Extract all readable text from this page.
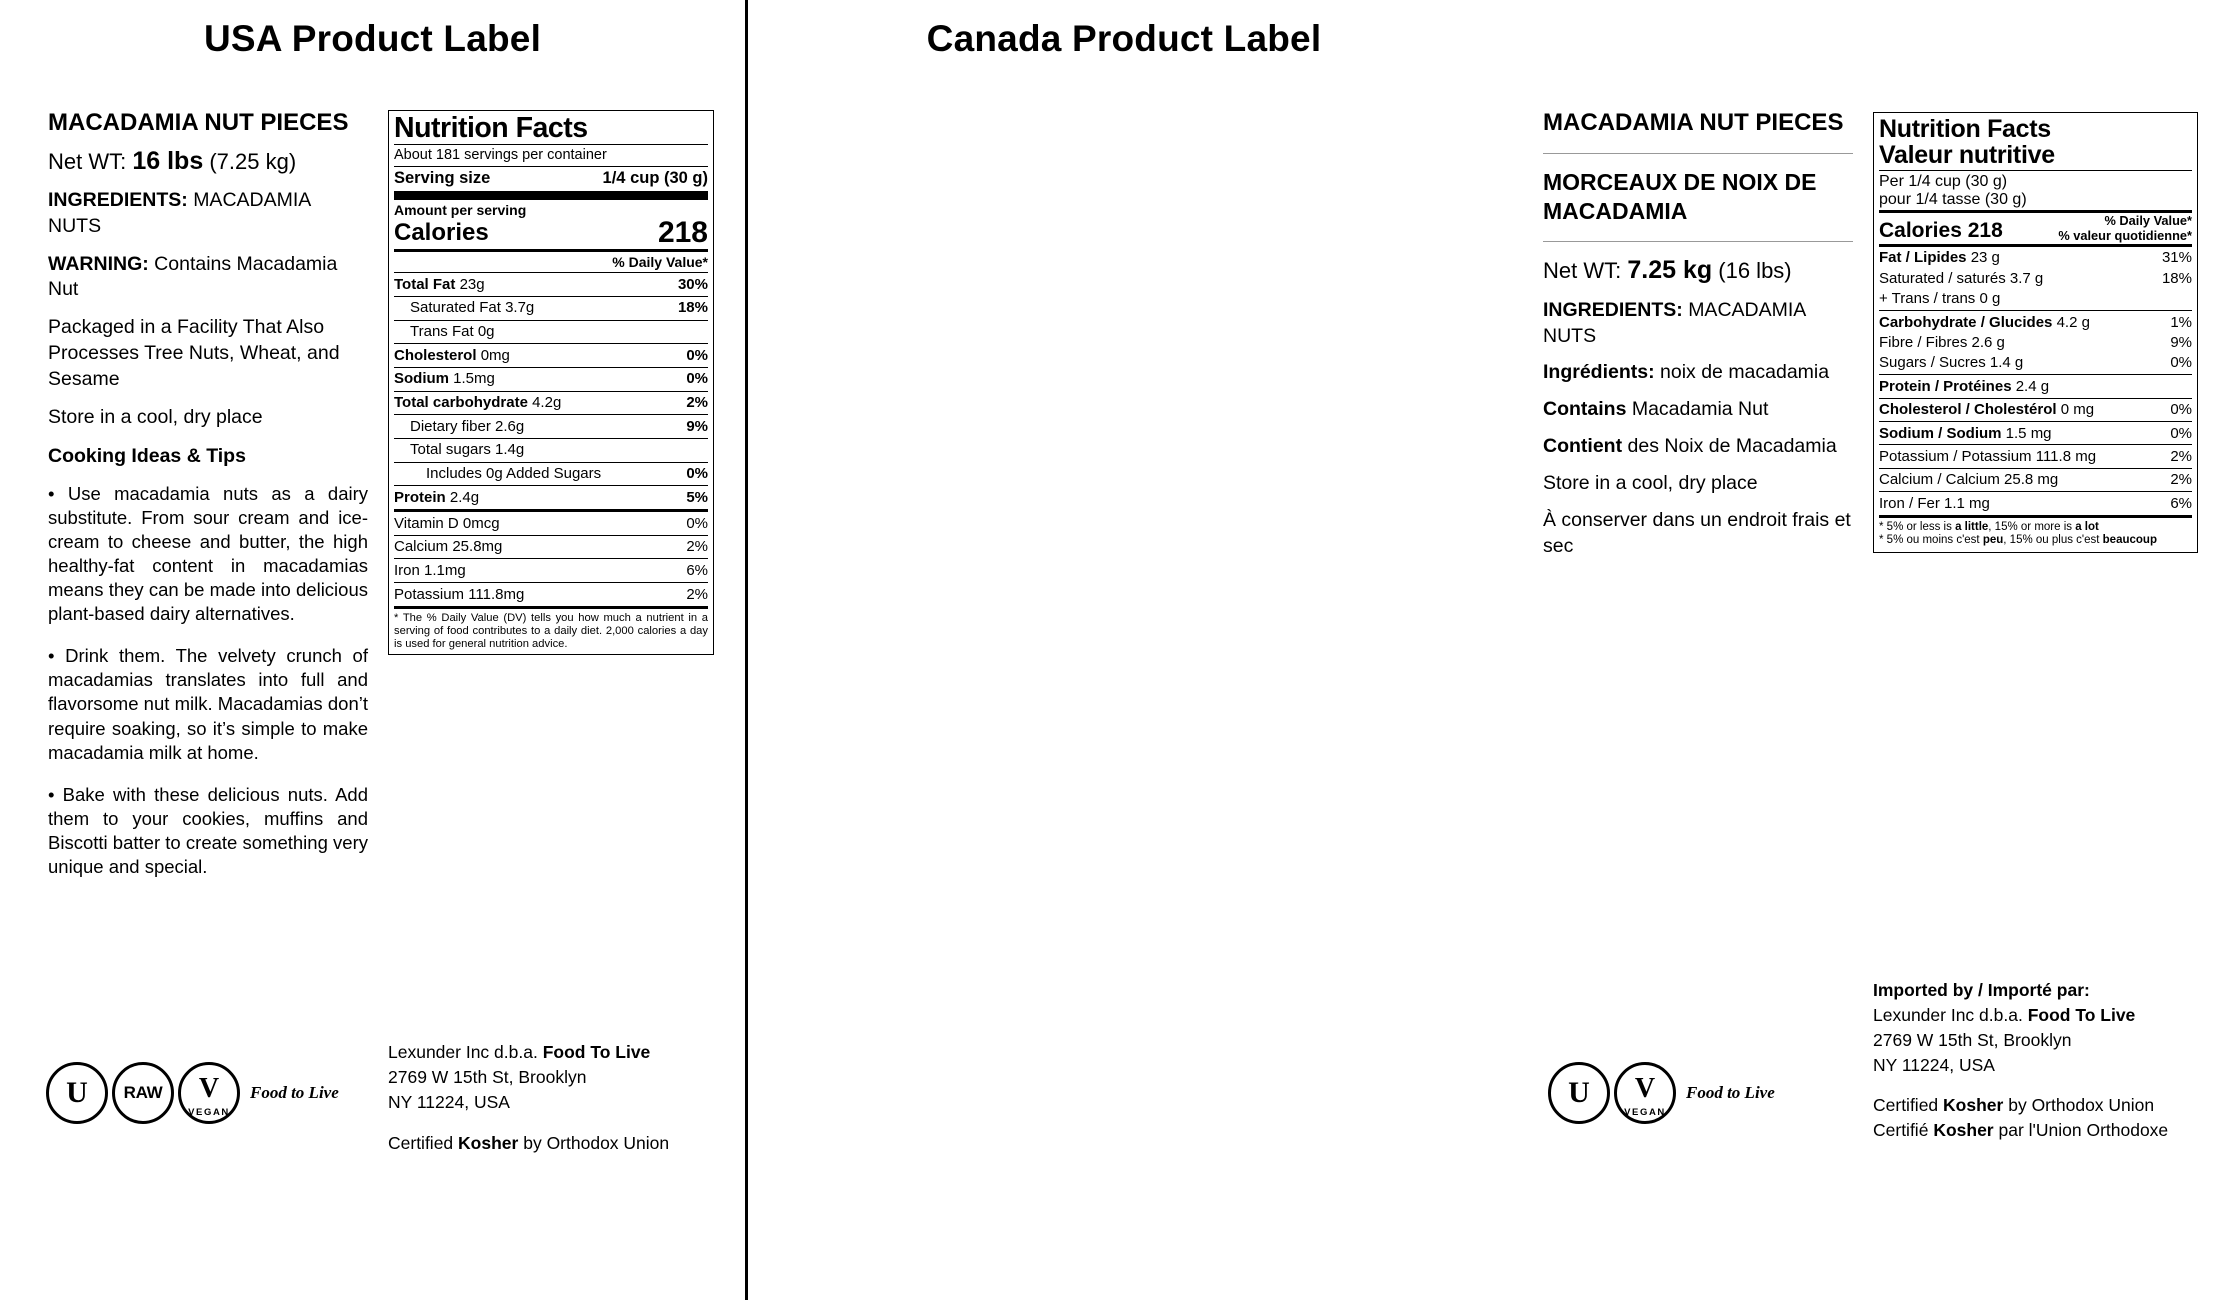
USA Product Label
MACADAMIA NUT PIECES
Net WT: 16 lbs (7.25 kg)
INGREDIENTS: MACADAMIA NUTS
WARNING: Contains Macadamia Nut
Packaged in a Facility That Also Processes Tree Nuts, Wheat, and Sesame
Store in a cool, dry place
Cooking Ideas & Tips
• Use macadamia nuts as a dairy substitute. From sour cream and ice-cream to cheese and butter, the high healthy-fat content in macadamias means they can be made into delicious plant-based dairy alternatives.
• Drink them. The velvety crunch of macadamias translates into full and flavorsome nut milk. Macadamias don’t require soaking, so it’s simple to make macadamia milk at home.
• Bake with these delicious nuts. Add them to your cookies, muffins and Biscotti batter to create something very unique and special.
Nutrition Facts
About 181 servings per container
Serving size	1/4 cup (30 g)
Amount per serving
Calories	218
% Daily Value*
Total Fat 23g	30%
Saturated Fat 3.7g	18%
Trans Fat 0g
Cholesterol 0mg	0%
Sodium 1.5mg	0%
Total carbohydrate 4.2g	2%
Dietary fiber 2.6g	9%
Total sugars 1.4g
Includes 0g Added Sugars	0%
Protein 2.4g	5%
Vitamin D 0mcg	0%
Calcium 25.8mg	2%
Iron 1.1mg	6%
Potassium 111.8mg	2%
* The % Daily Value (DV) tells you how much a nutrient in a serving of food contributes to a daily diet. 2,000 calories a day is used for general nutrition advice.
U RAW V
VEGAN
Food to Live
Lexunder Inc d.b.a. Food To Live
2769 W 15th St, Brooklyn
NY 11224, USA
Certified Kosher by Orthodox Union
Canada Product Label
MACADAMIA NUT PIECES
MORCEAUX DE NOIX DE MACADAMIA
Net WT: 7.25 kg (16 lbs)
INGREDIENTS: MACADAMIA NUTS
Ingrédients: noix de macadamia
Contains Macadamia Nut
Contient des Noix de Macadamia
Store in a cool, dry place
À conserver dans un endroit frais et sec
Nutrition Facts
Valeur nutritive
Per 1/4 cup (30 g)
pour 1/4 tasse (30 g)
Calories 218	% Daily Value*
% valeur quotidienne*
Fat / Lipides 23 g	31%
Saturated / saturés 3.7 g	18%
+ Trans / trans 0 g
Carbohydrate / Glucides 4.2 g	1%
Fibre / Fibres 2.6 g	9%
Sugars / Sucres 1.4 g	0%
Protein / Protéines 2.4 g
Cholesterol / Cholestérol 0 mg	0%
Sodium / Sodium 1.5 mg	0%
Potassium / Potassium 111.8 mg	2%
Calcium / Calcium 25.8 mg	2%
Iron / Fer 1.1 mg	6%
* 5% or less is a little, 15% or more is a lot
* 5% ou moins c'est peu, 15% ou plus c'est beaucoup
U V
VEGAN
Food to Live
Imported by / Importé par:
Lexunder Inc d.b.a. Food To Live
2769 W 15th St, Brooklyn
NY 11224, USA
Certified Kosher by Orthodox Union
Certifié Kosher par l'Union Orthodoxe
